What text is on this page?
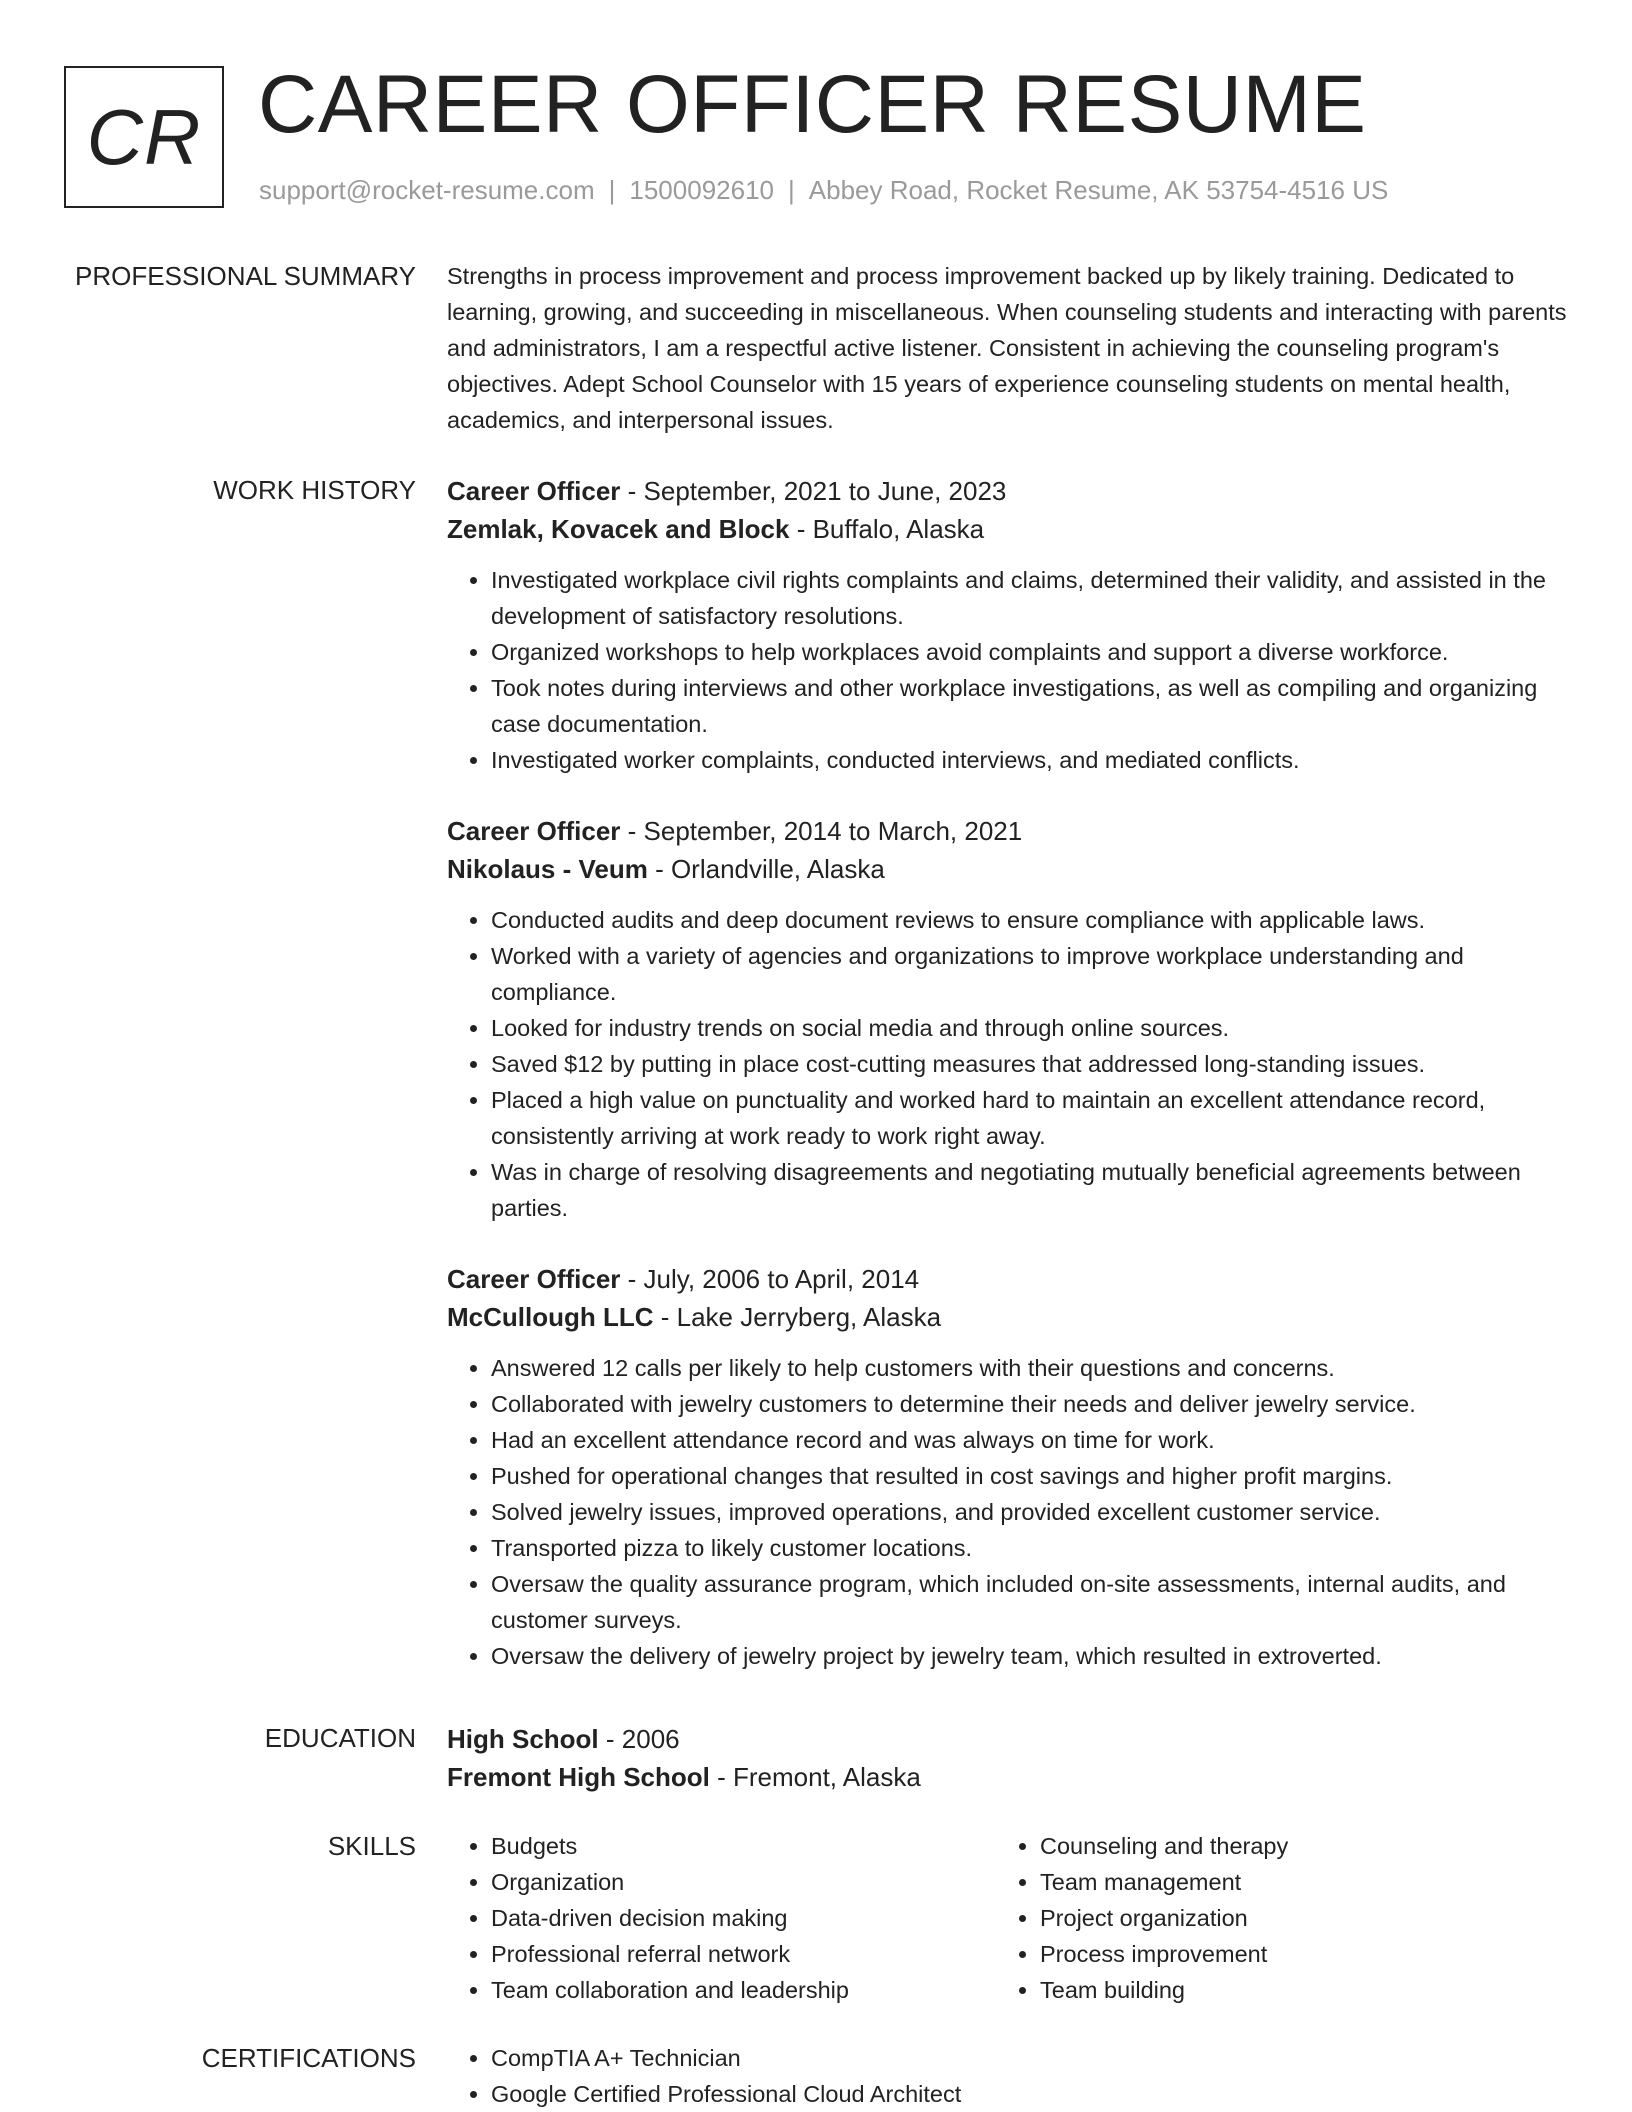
CR CAREER OFFICER RESUME
support@rocket-resume.com | 1500092610 | Abbey Road, Rocket Resume, AK 53754-4516 US
PROFESSIONAL SUMMARY Strengths in process improvement and process improvement backed up by likely training. Dedicated to learning, growing, and succeeding in miscellaneous. When counseling students and interacting with parents and administrators, I am a respectful active listener. Consistent in achieving the counseling program's objectives. Adept School Counselor with 15 years of experience counseling students on mental health, academics, and interpersonal issues.

WORK HISTORY Career Officer - September, 2021 to June, 2023
Zemlak, Kovacek and Block - Buffalo, Alaska
• Investigated workplace civil rights complaints and claims, determined their validity, and assisted in the development of satisfactory resolutions.
• Organized workshops to help workplaces avoid complaints and support a diverse workforce.
• Took notes during interviews and other workplace investigations, as well as compiling and organizing case documentation.
• Investigated worker complaints, conducted interviews, and mediated conflicts.
Career Officer - September, 2014 to March, 2021
Nikolaus - Veum - Orlandville, Alaska
• Conducted audits and deep document reviews to ensure compliance with applicable laws.
• Worked with a variety of agencies and organizations to improve workplace understanding and compliance.
• Looked for industry trends on social media and through online sources.
• Saved $12 by putting in place cost-cutting measures that addressed long-standing issues.
• Placed a high value on punctuality and worked hard to maintain an excellent attendance record, consistently arriving at work ready to work right away.
• Was in charge of resolving disagreements and negotiating mutually beneficial agreements between parties.
Career Officer - July, 2006 to April, 2014
McCullough LLC - Lake Jerryberg, Alaska
• Answered 12 calls per likely to help customers with their questions and concerns.
• Collaborated with jewelry customers to determine their needs and deliver jewelry service.
• Had an excellent attendance record and was always on time for work.
• Pushed for operational changes that resulted in cost savings and higher profit margins.
• Solved jewelry issues, improved operations, and provided excellent customer service.
• Transported pizza to likely customer locations.
• Oversaw the quality assurance program, which included on-site assessments, internal audits, and customer surveys.
• Oversaw the delivery of jewelry project by jewelry team, which resulted in extroverted.
EDUCATION High School - 2006
Fremont High School - Fremont, Alaska
SKILLS	• Budgets
• Organization
• Data-driven decision making
• Professional referral network
• Team collaboration and leadership
• Counseling and therapy
• Team management
• Project organization
• Process improvement
• Team building
CERTIFICATIONS	• CompTIA A+ Technician
• Google Certified Professional Cloud Architect
